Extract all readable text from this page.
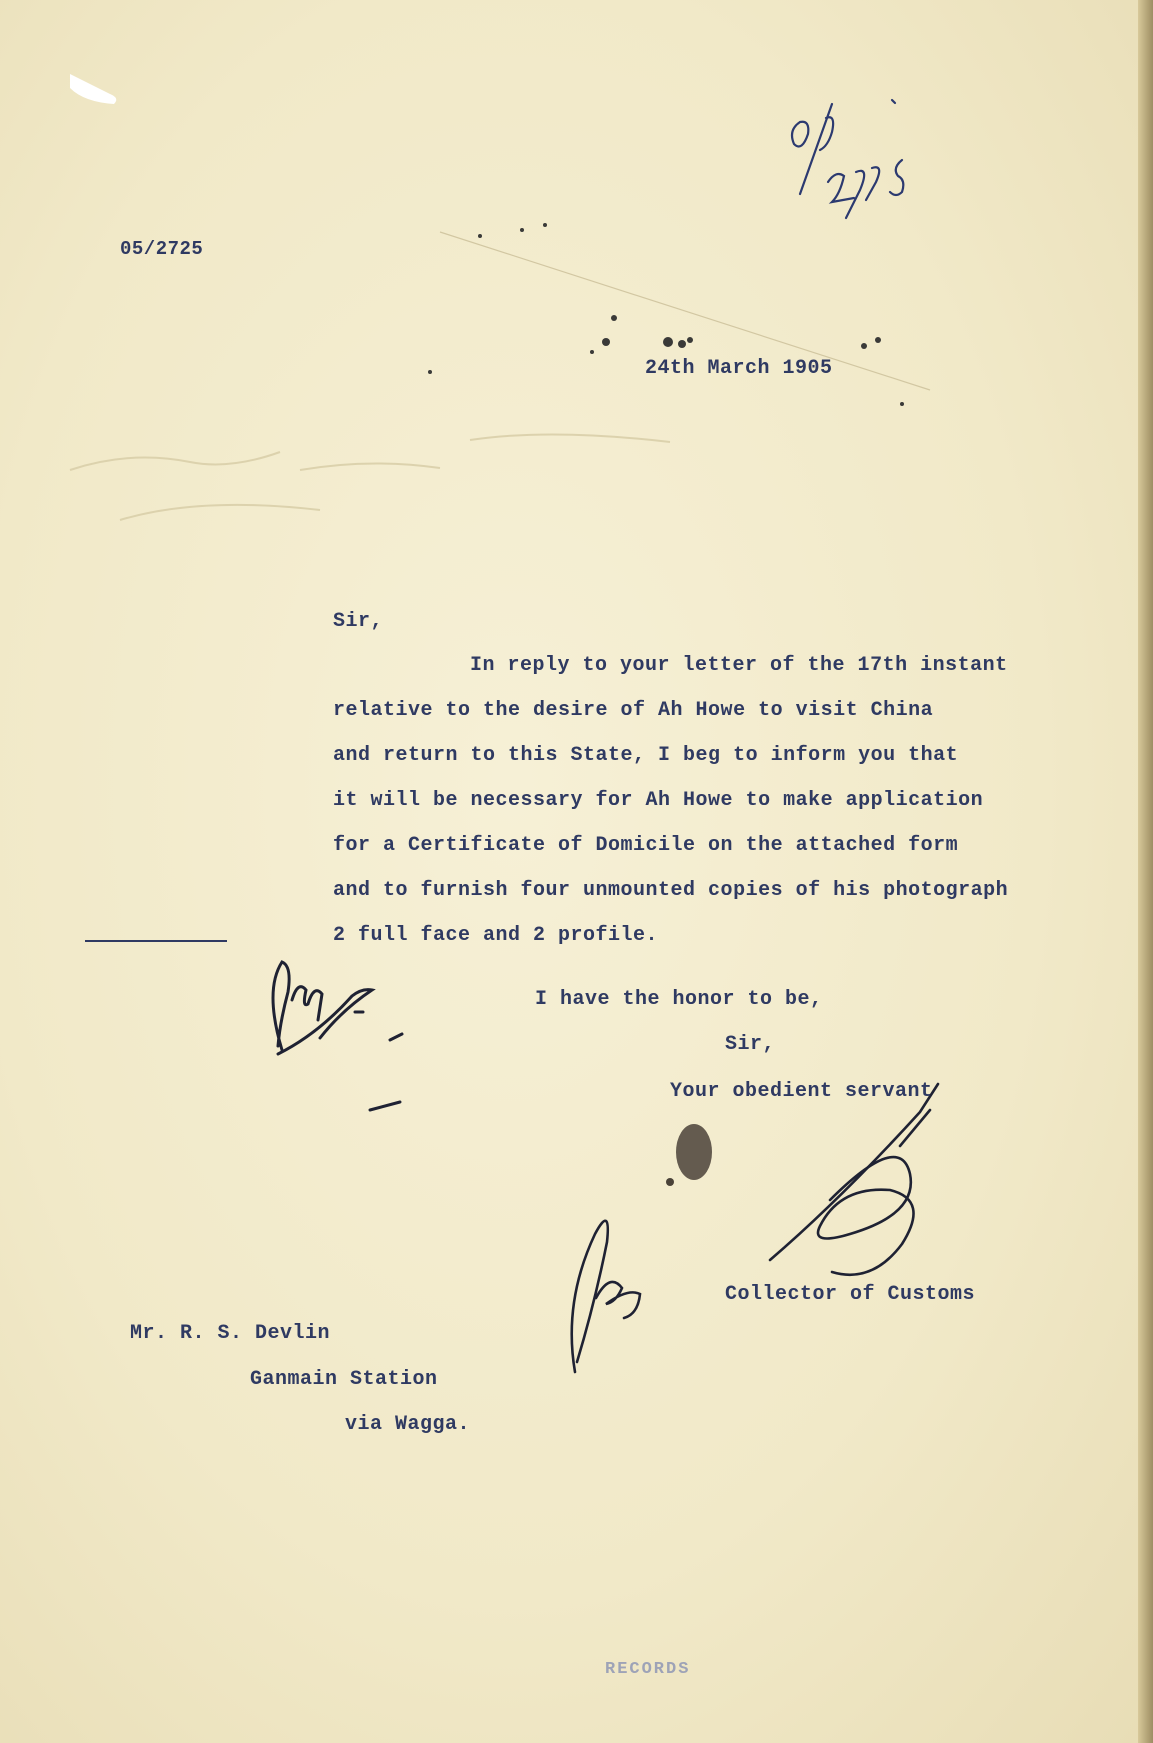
05/2725
24th March 1905
Sir,
In reply to your letter of the 17th instant
relative to the desire of Ah Howe to visit China
and return to this State, I beg to inform you that
it will be necessary for Ah Howe to make application
for a Certificate of Domicile on the attached form
and to furnish four unmounted copies of his photograph
2 full face and 2 profile.
I have the honor to be,
Sir,
Your obedient servant
Collector of Customs
Mr. R. S. Devlin
Ganmain Station
via Wagga.
RECORDS
